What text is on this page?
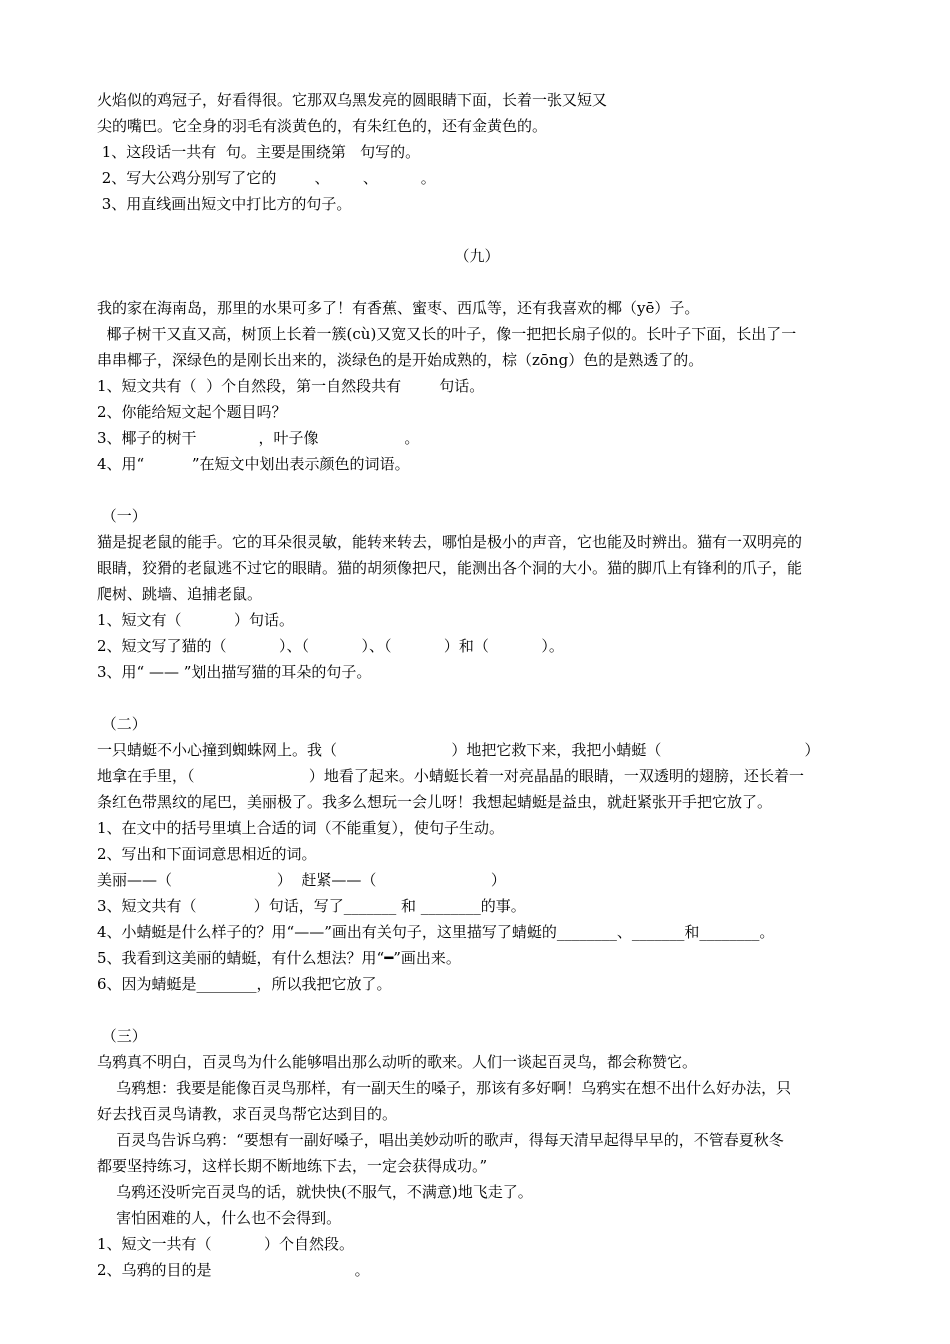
火焰似的鸡冠子，好看得很。它那双乌黑发亮的圆眼睛下面，长着一张又短又
尖的嘴巴。它全身的羽毛有淡黄色的，有朱红色的，还有金黄色的。
1、这段话一共有  句。主要是围绕第   句写的。
2、写大公鸡分别写了它的        、       、         。
3、用直线画出短文中打比方的句子。
（九）
我的家在海南岛，那里的水果可多了！有香蕉、蜜枣、西瓜等，还有我喜欢的椰（yē）子。
椰子树干又直又高，树顶上长着一簇(cù)又宽又长的叶子，像一把把长扇子似的。长叶子下面，长出了一
串串椰子，深绿色的是刚长出来的，淡绿色的是开始成熟的，棕（zōng）色的是熟透了的。
1、短文共有（  ）个自然段，第一自然段共有        句话。
2、你能给短文起个题目吗？
3、椰子的树干             ，叶子像                  。
4、用“          ”在短文中划出表示颜色的词语。
（一）
猫是捉老鼠的能手。它的耳朵很灵敏，能转来转去，哪怕是极小的声音，它也能及时辨出。猫有一双明亮的
眼睛，狡猾的老鼠逃不过它的眼睛。猫的胡须像把尺，能测出各个洞的大小。猫的脚爪上有锋利的爪子，能
爬树、跳墙、追捕老鼠。
1、短文有（           ）句话。
2、短文写了猫的（           ）、（           ）、（           ）和（           ）。
3、用“ —— ”划出描写猫的耳朵的句子。
（二）
一只蜻蜓不小心撞到蜘蛛网上。我（                        ）地把它救下来，我把小蜻蜓（                              ）
地拿在手里，（                        ）地看了起来。小蜻蜓长着一对亮晶晶的眼睛，一双透明的翅膀，还长着一
条红色带黑纹的尾巴，美丽极了。我多么想玩一会儿呀！我想起蜻蜓是益虫，就赶紧张开手把它放了。
1、在文中的括号里填上合适的词（不能重复），使句子生动。
2、写出和下面词意思相近的词。
美丽——（                      ）  赶紧——（                        ）
3、短文共有（            ）句话，写了_______ 和 ________的事。
4、小蜻蜓是什么样子的？用“——”画出有关句子，这里描写了蜻蜓的________、_______和________。
5、我看到这美丽的蜻蜓，有什么想法？用“━”画出来。
6、因为蜻蜓是________，所以我把它放了。
（三）
乌鸦真不明白，百灵鸟为什么能够唱出那么动听的歌来。人们一谈起百灵鸟，都会称赞它。
乌鸦想：我要是能像百灵鸟那样，有一副天生的嗓子，那该有多好啊！乌鸦实在想不出什么好办法，只
好去找百灵鸟请教，求百灵鸟帮它达到目的。
百灵鸟告诉乌鸦：“要想有一副好嗓子，唱出美妙动听的歌声，得每天清早起得早早的，不管春夏秋冬
都要坚持练习，这样长期不断地练下去，一定会获得成功。”
乌鸦还没听完百灵鸟的话，就快快(不服气，不满意)地飞走了。
害怕困难的人，什么也不会得到。
1、短文一共有（           ）个自然段。
2、乌鸦的目的是                              。
